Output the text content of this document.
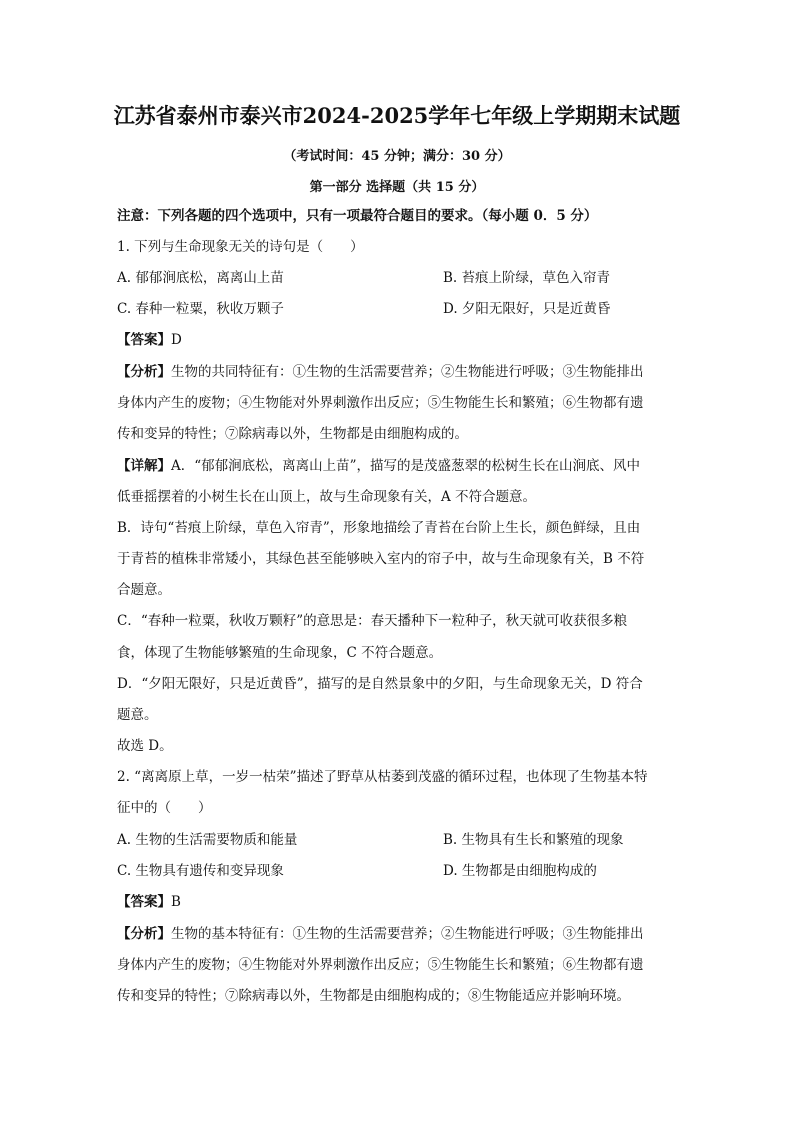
江苏省泰州市泰兴市2024-2025学年七年级上学期期末试题
（考试时间：45 分钟；满分：30 分）
第一部分 选择题（共 15 分）
注意：下列各题的四个选项中，只有一项最符合题目的要求。（每小题 0．5 分）
1. 下列与生命现象无关的诗句是（　　）
A. 郁郁涧底松，离离山上苗	B. 苔痕上阶绿，草色入帘青
C. 春种一粒粟，秋收万颗子	D. 夕阳无限好，只是近黄昏
【答案】D
【分析】生物的共同特征有：①生物的生活需要营养；②生物能进行呼吸；③生物能排出
身体内产生的废物；④生物能对外界刺激作出反应；⑤生物能生长和繁殖；⑥生物都有遗
传和变异的特性；⑦除病毒以外，生物都是由细胞构成的。
【详解】A．“郁郁涧底松，离离山上苗”，描写的是茂盛葱翠的松树生长在山涧底、风中
低垂摇摆着的小树生长在山顶上，故与生命现象有关，A 不符合题意。
B．诗句“苔痕上阶绿，草色入帘青”，形象地描绘了青苔在台阶上生长，颜色鲜绿，且由
于青苔的植株非常矮小，其绿色甚至能够映入室内的帘子中，故与生命现象有关，B 不符
合题意。
C．“春种一粒粟，秋收万颗籽”的意思是：春天播种下一粒种子，秋天就可收获很多粮
食，体现了生物能够繁殖的生命现象，C 不符合题意。
D．“夕阳无限好，只是近黄昏”，描写的是自然景象中的夕阳，与生命现象无关，D 符合
题意。
故选 D。
2. “离离原上草，一岁一枯荣”描述了野草从枯萎到茂盛的循环过程，也体现了生物基本特
征中的（　　）
A. 生物的生活需要物质和能量	B. 生物具有生长和繁殖的现象
C. 生物具有遗传和变异现象	D. 生物都是由细胞构成的
【答案】B
【分析】生物的基本特征有：①生物的生活需要营养；②生物能进行呼吸；③生物能排出
身体内产生的废物；④生物能对外界刺激作出反应；⑤生物能生长和繁殖；⑥生物都有遗
传和变异的特性；⑦除病毒以外，生物都是由细胞构成的；⑧生物能适应并影响环境。
